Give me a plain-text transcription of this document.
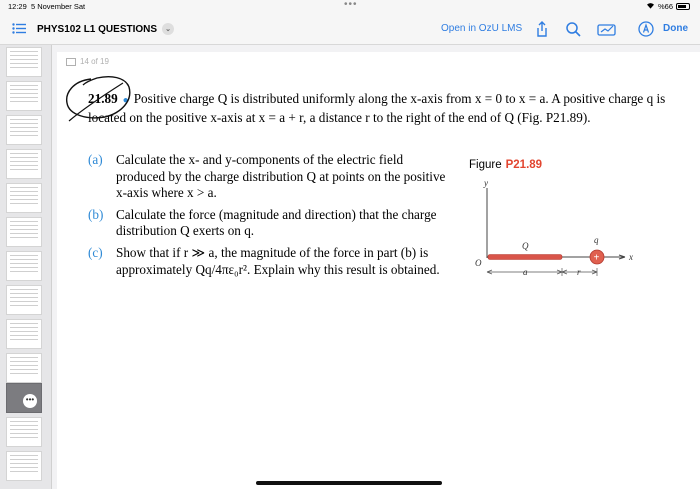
12:29 5 November Sat	•••	%66
PHYS102 L1 QUESTIONS	⌄	Open in OzU LMS	Done
•••
14 of 19
21.89 ● Positive charge Q is distributed uniformly along the x-axis from x = 0 to x = a. A positive charge q is located on the positive x-axis at x = a + r, a distance r to the right of the end of Q (Fig. P21.89).
(a)	Calculate the x- and y-components of the electric field produced by the charge distribution Q at points on the positive x-axis where x > a.
(b) Calculate the force (magnitude and direction) that the charge distribution Q exerts on q.
(c)	Show that if r ≫ a, the magnitude of the force in part (b) is approximately Qq/4πε₀r². Explain why this result is obtained.
Figure P21.89
y
x
O
Q
+
q
a	r
